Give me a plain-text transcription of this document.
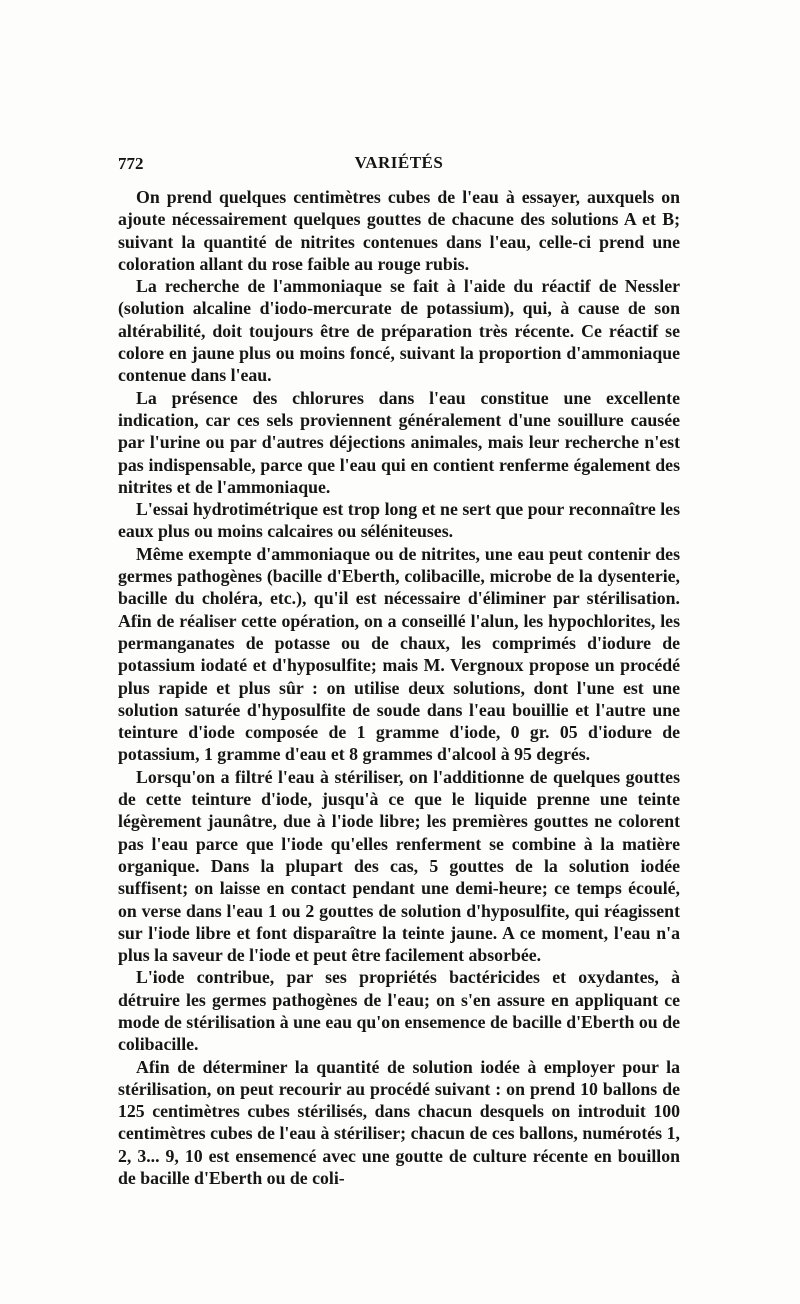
772	VARIÉTÉS

On prend quelques centimètres cubes de l'eau à essayer, auxquels on ajoute nécessairement quelques gouttes de chacune des solutions A et B; suivant la quantité de nitrites contenues dans l'eau, celle-ci prend une coloration allant du rose faible au rouge rubis.

La recherche de l'ammoniaque se fait à l'aide du réactif de Nessler (solution alcaline d'iodo-mercurate de potassium), qui, à cause de son altérabilité, doit toujours être de préparation très récente. Ce réactif se colore en jaune plus ou moins foncé, suivant la proportion d'ammoniaque contenue dans l'eau.

La présence des chlorures dans l'eau constitue une excellente indication, car ces sels proviennent généralement d'une souillure causée par l'urine ou par d'autres déjections animales, mais leur recherche n'est pas indispensable, parce que l'eau qui en contient renferme également des nitrites et de l'ammoniaque.

L'essai hydrotimétrique est trop long et ne sert que pour reconnaître les eaux plus ou moins calcaires ou séléniteuses.

Même exempte d'ammoniaque ou de nitrites, une eau peut contenir des germes pathogènes (bacille d'Eberth, colibacille, microbe de la dysenterie, bacille du choléra, etc.), qu'il est nécessaire d'éliminer par stérilisation. Afin de réaliser cette opération, on a conseillé l'alun, les hypochlorites, les permanganates de potasse ou de chaux, les comprimés d'iodure de potassium iodaté et d'hyposulfite; mais M. Vergnoux propose un procédé plus rapide et plus sûr : on utilise deux solutions, dont l'une est une solution saturée d'hyposulfite de soude dans l'eau bouillie et l'autre une teinture d'iode composée de 1 gramme d'iode, 0 gr. 05 d'iodure de potassium, 1 gramme d'eau et 8 grammes d'alcool à 95 degrés.

Lorsqu'on a filtré l'eau à stériliser, on l'additionne de quelques gouttes de cette teinture d'iode, jusqu'à ce que le liquide prenne une teinte légèrement jaunâtre, due à l'iode libre; les premières gouttes ne colorent pas l'eau parce que l'iode qu'elles renferment se combine à la matière organique. Dans la plupart des cas, 5 gouttes de la solution iodée suffisent; on laisse en contact pendant une demi-heure; ce temps écoulé, on verse dans l'eau 1 ou 2 gouttes de solution d'hyposulfite, qui réagissent sur l'iode libre et font disparaître la teinte jaune. A ce moment, l'eau n'a plus la saveur de l'iode et peut être facilement absorbée.

L'iode contribue, par ses propriétés bactéricides et oxydantes, à détruire les germes pathogènes de l'eau; on s'en assure en appliquant ce mode de stérilisation à une eau qu'on ensemence de bacille d'Eberth ou de colibacille.

Afin de déterminer la quantité de solution iodée à employer pour la stérilisation, on peut recourir au procédé suivant : on prend 10 ballons de 125 centimètres cubes stérilisés, dans chacun desquels on introduit 100 centimètres cubes de l'eau à stériliser; chacun de ces ballons, numérotés 1, 2, 3... 9, 10 est ensemencé avec une goutte de culture récente en bouillon de bacille d'Eberth ou de coli-
